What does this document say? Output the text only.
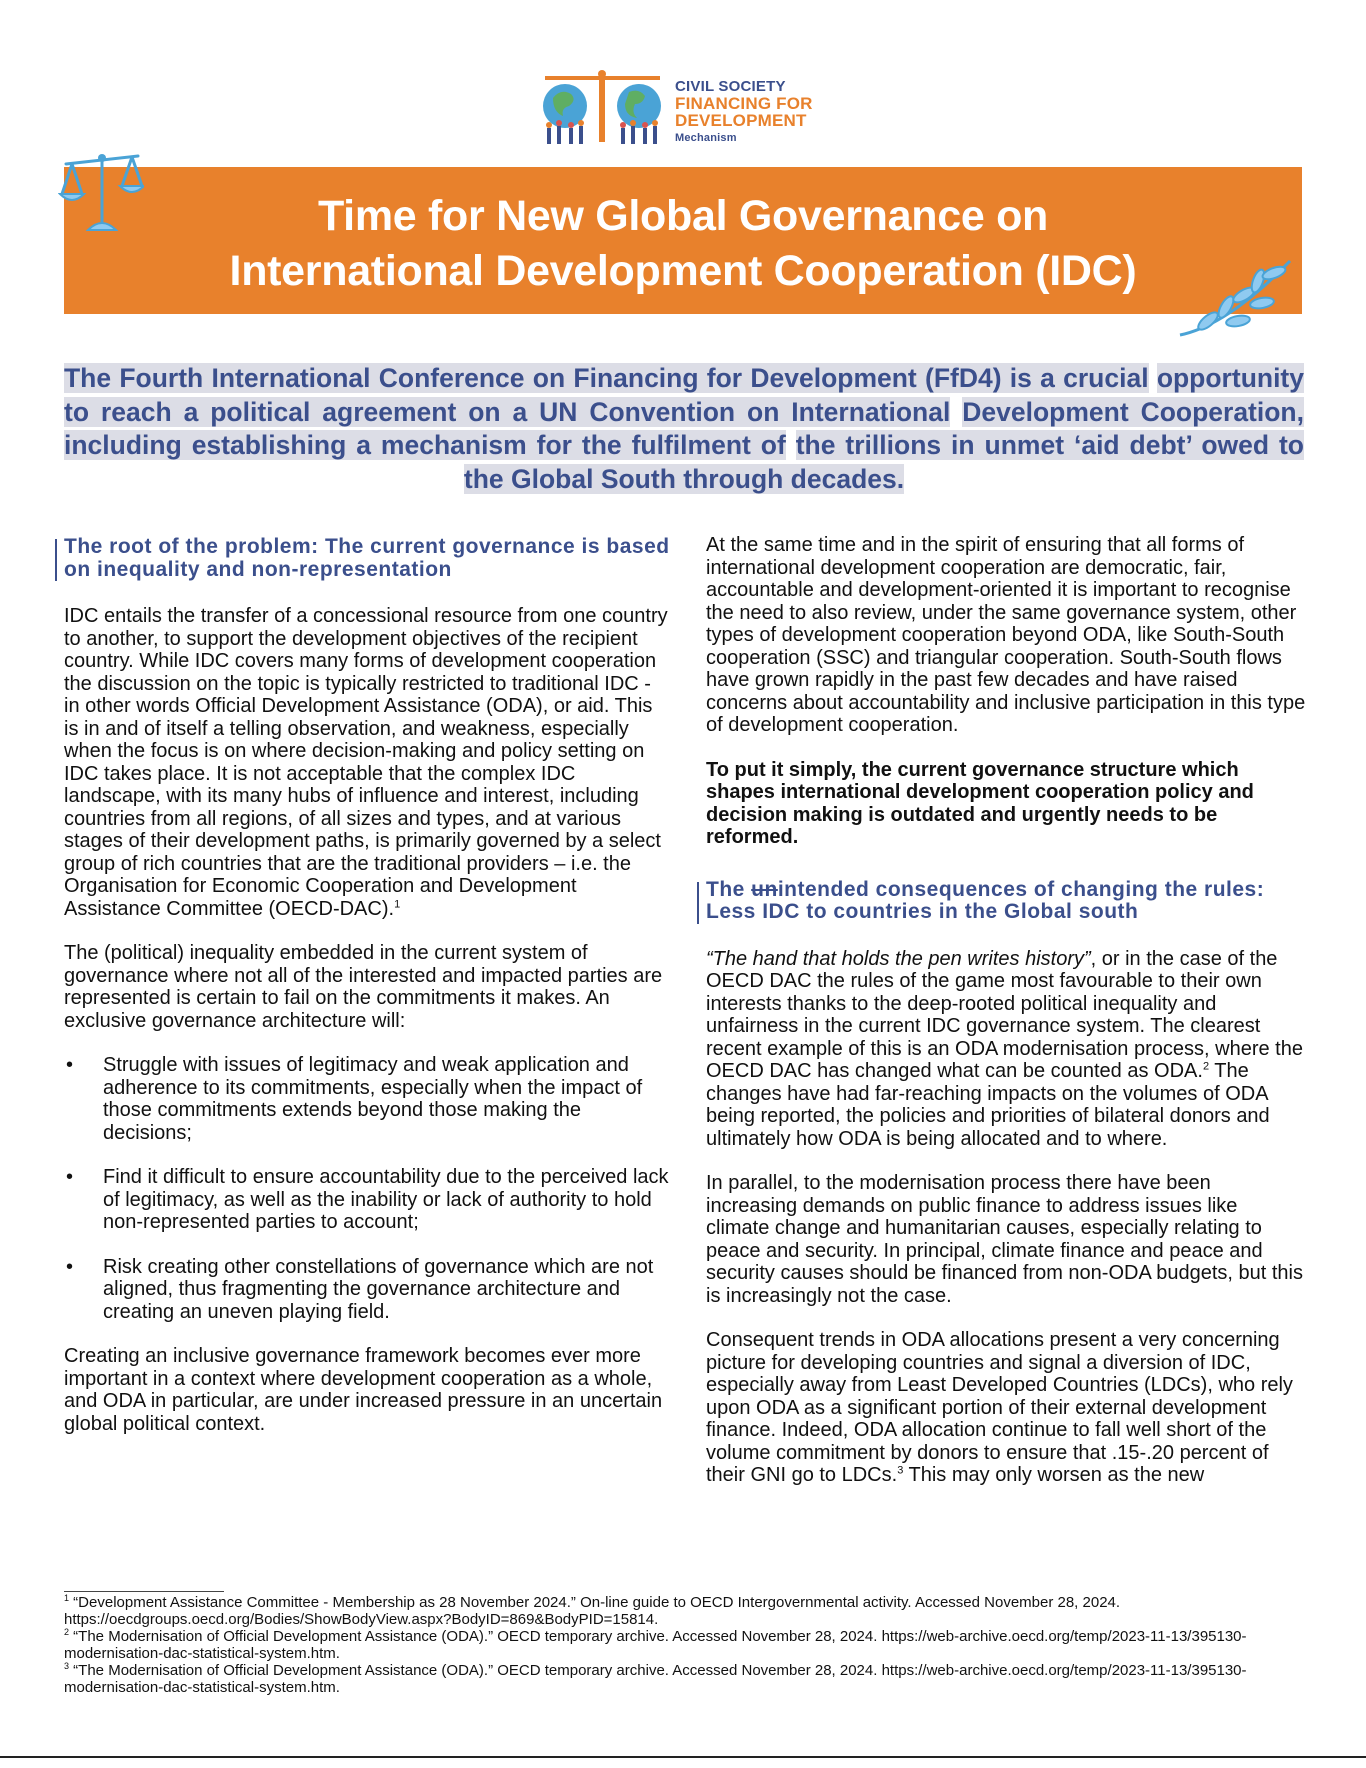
CIVIL SOCIETY
FINANCING FOR
DEVELOPMENT
Mechanism
Time for New Global Governance on
International Development Cooperation (IDC)
The Fourth International Conference on Financing for Development (FfD4) is a crucial opportunity to reach a political agreement on a UN Convention on International Development Cooperation, including establishing a mechanism for the fulfilment of the trillions in unmet ‘aid debt’ owed to the Global South through decades.
The root of the problem: The current governance is based on inequality and non-representation

IDC entails the transfer of a concessional resource from one country to another, to support the development objectives of the recipient country. While IDC covers many forms of development cooperation the discussion on the topic is typically restricted to traditional IDC - in other words Official Development Assistance (ODA), or aid. This is in and of itself a telling observation, and weakness, especially when the focus is on where decision-making and policy setting on IDC takes place. It is not acceptable that the complex IDC landscape, with its many hubs of influence and interest, including countries from all regions, of all sizes and types, and at various stages of their development paths, is primarily governed by a select group of rich countries that are the traditional providers – i.e. the Organisation for Economic Cooperation and Development Assistance Committee (OECD-DAC).$^1$

The (political) inequality embedded in the current system of governance where not all of the interested and impacted parties are represented is certain to fail on the commitments it makes. An exclusive governance architecture will:

• Struggle with issues of legitimacy and weak application and adherence to its commitments, especially when the impact of those commitments extends beyond those making the decisions;
• Find it difficult to ensure accountability due to the perceived lack of legitimacy, as well as the inability or lack of authority to hold non-represented parties to account;
• Risk creating other constellations of governance which are not aligned, thus fragmenting the governance architecture and creating an uneven playing field.

Creating an inclusive governance framework becomes ever more important in a context where development cooperation as a whole, and ODA in particular, are under increased pressure in an uncertain global political context.

At the same time and in the spirit of ensuring that all forms of international development cooperation are democratic, fair, accountable and development-oriented it is important to recognise the need to also review, under the same governance system, other types of development cooperation beyond ODA, like South-South cooperation (SSC) and triangular cooperation. South-South flows have grown rapidly in the past few decades and have raised concerns about accountability and inclusive participation in this type of development cooperation.

To put it simply, the current governance structure which shapes international development cooperation policy and decision making is outdated and urgently needs to be reformed.

The unintended consequences of changing the rules: Less IDC to countries in the Global south

“The hand that holds the pen writes history”, or in the case of the OECD DAC the rules of the game most favourable to their own interests thanks to the deep-rooted political inequality and unfairness in the current IDC governance system. The clearest recent example of this is an ODA modernisation process, where the OECD DAC has changed what can be counted as ODA.$^2$ The changes have had far-reaching impacts on the volumes of ODA being reported, the policies and priorities of bilateral donors and ultimately how ODA is being allocated and to where.

In parallel, to the modernisation process there have been increasing demands on public finance to address issues like climate change and humanitarian causes, especially relating to peace and security. In principal, climate finance and peace and security causes should be financed from non-ODA budgets, but this is increasingly not the case.

Consequent trends in ODA allocations present a very concerning picture for developing countries and signal a diversion of IDC, especially away from Least Developed Countries (LDCs), who rely upon ODA as a significant portion of their external development finance. Indeed, ODA allocation continue to fall well short of the volume commitment by donors to ensure that .15-.20 percent of their GNI go to LDCs.$^3$ This may only worsen as the new

$^1$ “Development Assistance Committee - Membership as 28 November 2024.” On-line guide to OECD Intergovernmental activity. Accessed November 28, 2024. https://oecdgroups.oecd.org/Bodies/ShowBodyView.aspx?BodyID=869&BodyPID=15814.

$^2$ “The Modernisation of Official Development Assistance (ODA).” OECD temporary archive. Accessed November 28, 2024. https://web-archive.oecd.org/temp/2023-11-13/395130-modernisation-dac-statistical-system.htm.

$^3$ “The Modernisation of Official Development Assistance (ODA).” OECD temporary archive. Accessed November 28, 2024. https://web-archive.oecd.org/temp/2023-11-13/395130-modernisation-dac-statistical-system.htm.
